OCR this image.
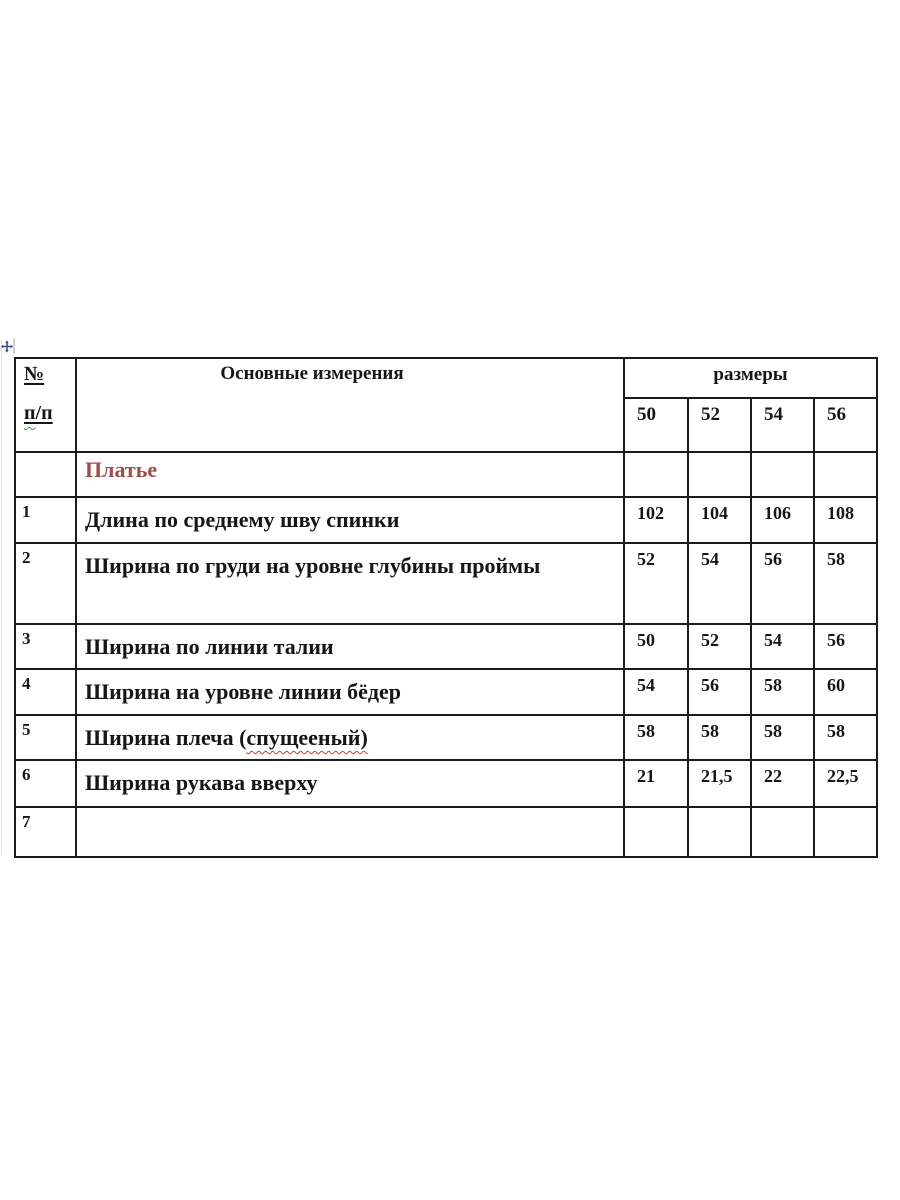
№
п/п	Основные измерения	размеры			
		50	52	54	56
	Платье				
1	Длина по среднему шву спинки	102	104	106	108
2	Ширина по груди на уровне глубины проймы	52	54	56	58
3	Ширина по линии талии	50	52	54	56
4	Ширина на уровне линии бёдер	54	56	58	60
5	Ширина плеча (спущееный)	58	58	58	58
6	Ширина рукава вверху	21	21,5	22	22,5
7					
